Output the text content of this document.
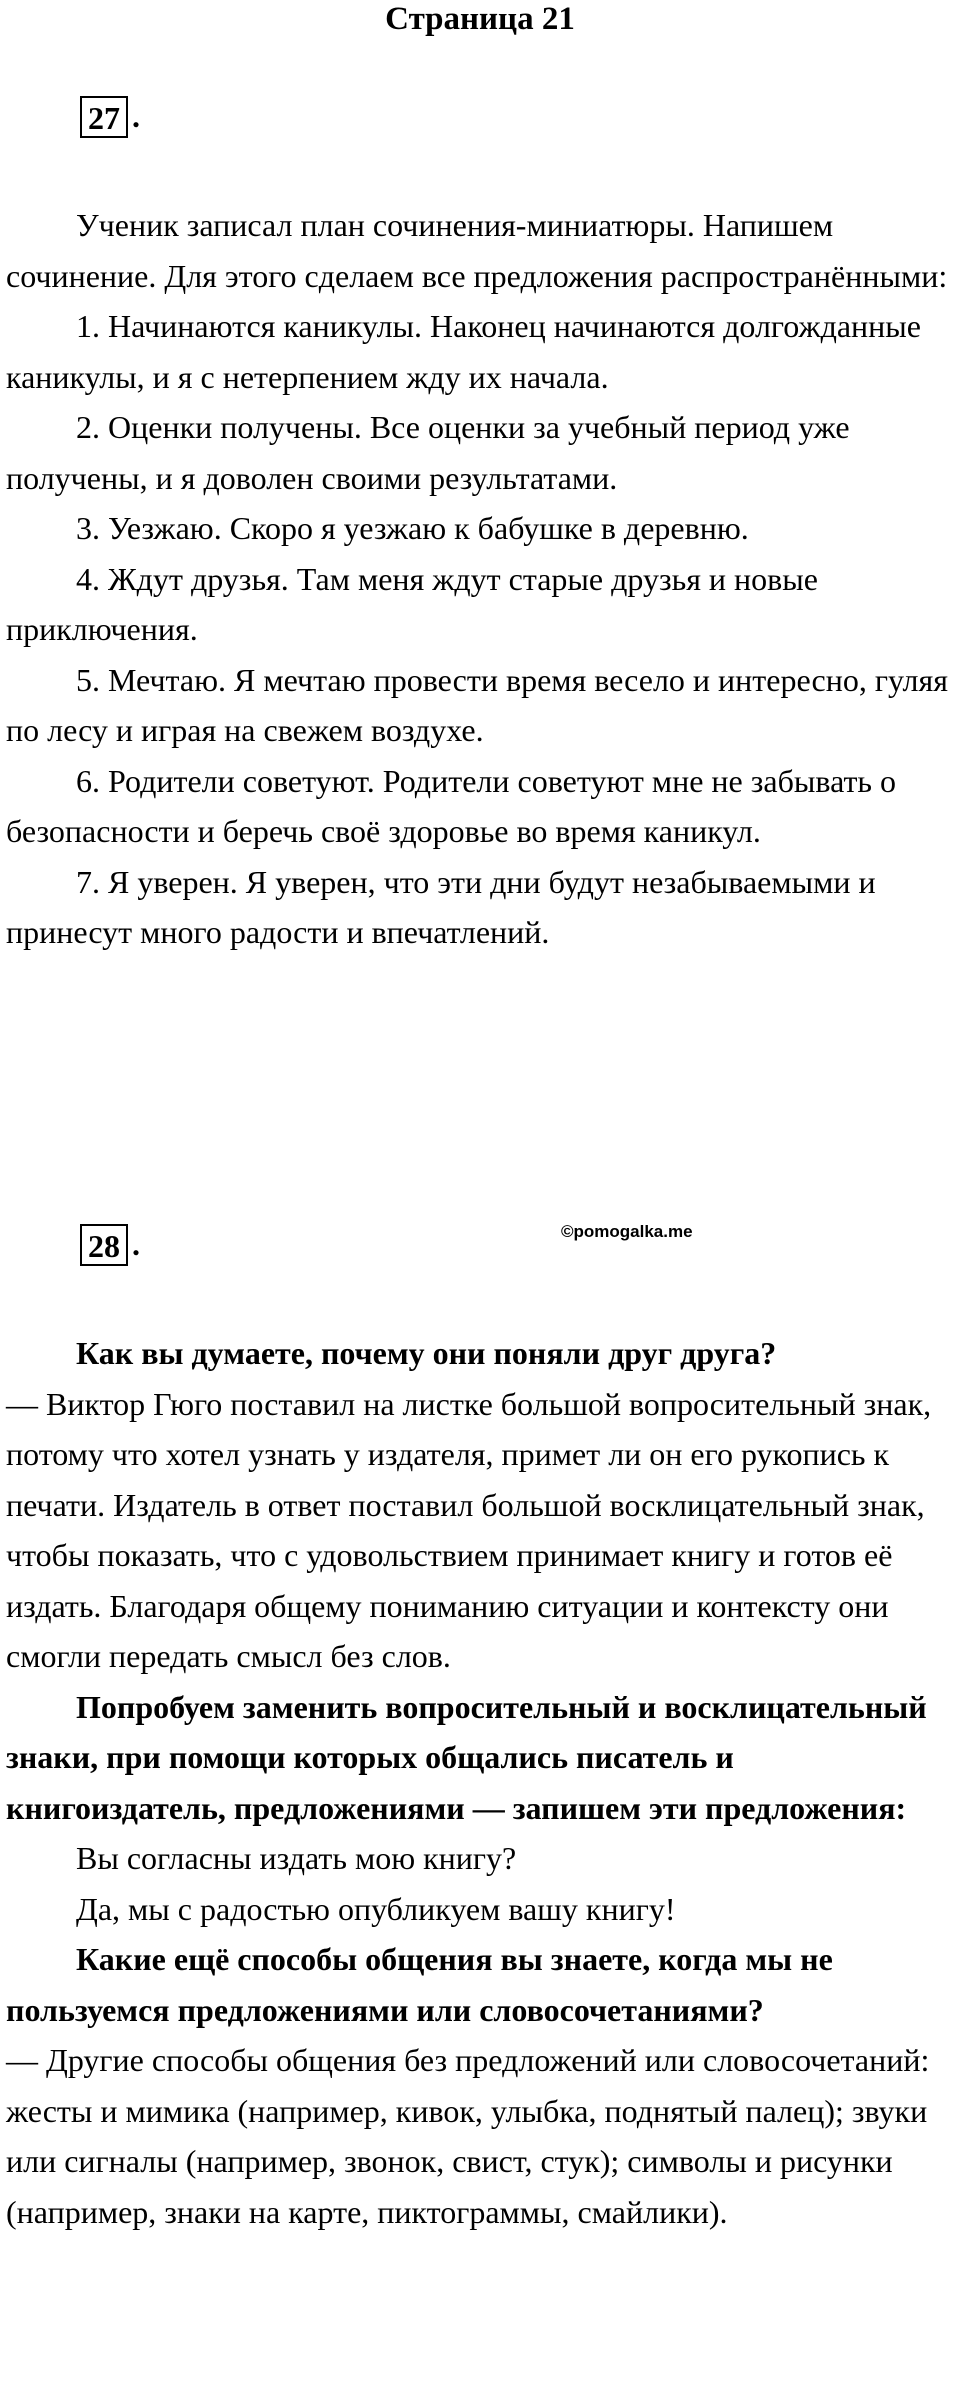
Страница 21
27 .

Ученик записал план сочинения-миниатюры. Напишем сочинение. Для этого сделаем все предложения распространёнными:

1. Начинаются каникулы. Наконец начинаются долгожданные каникулы, и я с нетерпением жду их начала.

2. Оценки получены. Все оценки за учебный период уже получены, и я доволен своими результатами.

3. Уезжаю. Скоро я уезжаю к бабушке в деревню.

4. Ждут друзья. Там меня ждут старые друзья и новые приключения.

5. Мечтаю. Я мечтаю провести время весело и интересно, гуляя по лесу и играя на свежем воздухе.

6. Родители советуют. Родители советуют мне не забывать о безопасности и беречь своё здоровье во время каникул.

7. Я уверен. Я уверен, что эти дни будут незабываемыми и принесут много радости и впечатлений.

28 .	©pomogalka.me

Как вы думаете, почему они поняли друг друга?

— Виктор Гюго поставил на листке большой вопросительный знак, потому что хотел узнать у издателя, примет ли он его рукопись к печати. Издатель в ответ поставил большой восклицательный знак, чтобы показать, что с удовольствием принимает книгу и готов её издать. Благодаря общему пониманию ситуации и контексту они смогли передать смысл без слов.

Попробуем заменить вопросительный и восклицательный знаки, при помощи которых общались писатель и книгоиздатель, предложениями — запишем эти предложения:

Вы согласны издать мою книгу?

Да, мы с радостью опубликуем вашу книгу!

Какие ещё способы общения вы знаете, когда мы не пользуемся предложениями или словосочетаниями?

— Другие способы общения без предложений или словосочетаний: жесты и мимика (например, кивок, улыбка, поднятый палец); звуки или сигналы (например, звонок, свист, стук); символы и рисунки (например, знаки на карте, пиктограммы, смайлики).
